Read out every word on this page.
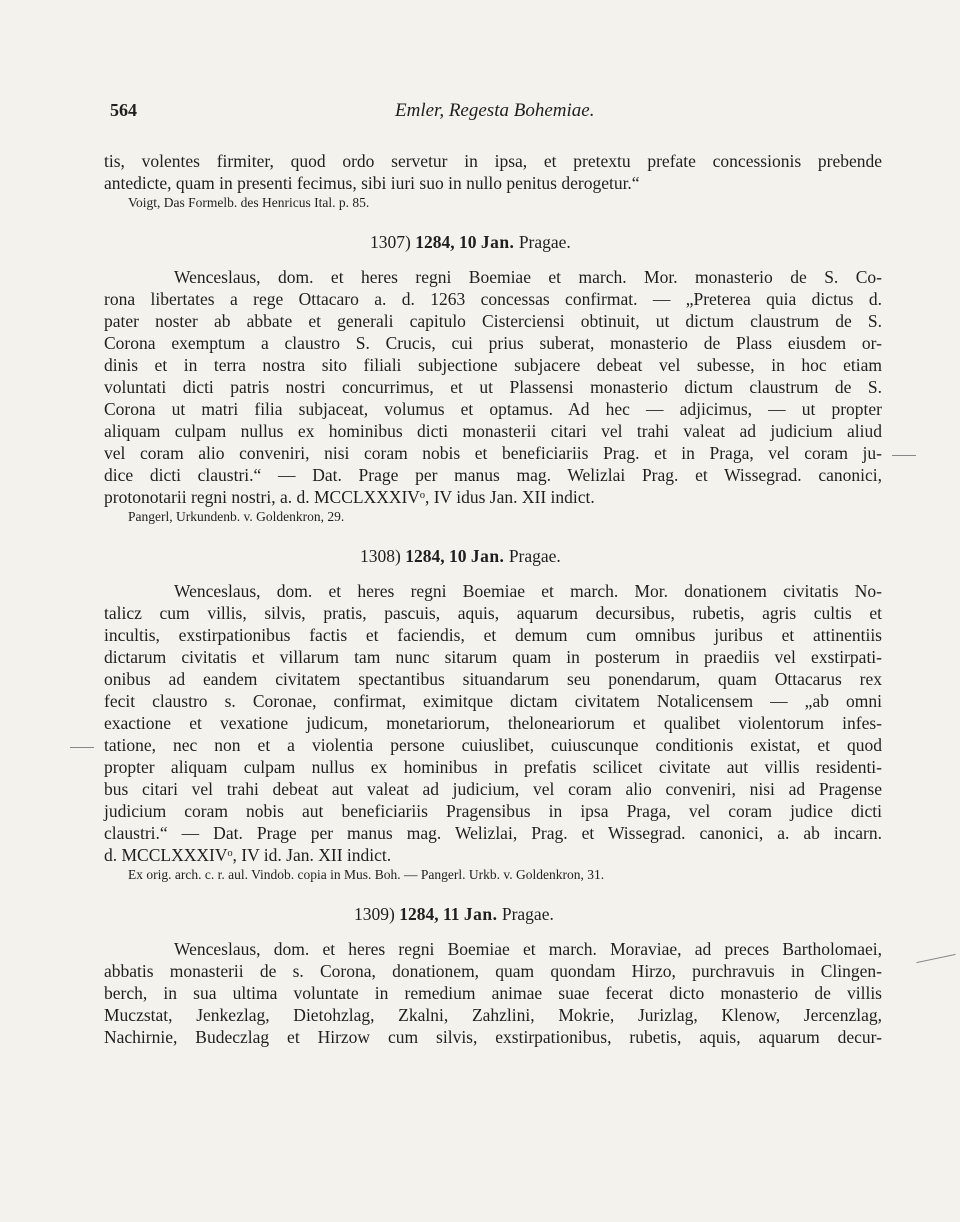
564	Emler, Regesta Bohemiae.
tis, volentes firmiter, quod ordo servetur in ipsa, et pretextu prefate concessionis prebende
antedicte, quam in presenti fecimus, sibi iuri suo in nullo penitus derogetur.“
Voigt, Das Formelb. des Henricus Ital. p. 85.
1307) 1284, 10 Jan. Pragae.
Wenceslaus, dom. et heres regni Boemiae et march. Mor. monasterio de S. Co-
rona libertates a rege Ottacaro a. d. 1263 concessas confirmat. — „Preterea quia dictus d.
pater noster ab abbate et generali capitulo Cisterciensi obtinuit, ut dictum claustrum de S.
Corona exemptum a claustro S. Crucis, cui prius suberat, monasterio de Plass eiusdem or-
dinis et in terra nostra sito filiali subjectione subjacere debeat vel subesse, in hoc etiam
voluntati dicti patris nostri concurrimus, et ut Plassensi monasterio dictum claustrum de S.
Corona ut matri filia subjaceat, volumus et optamus. Ad hec — adjicimus, — ut propter
aliquam culpam nullus ex hominibus dicti monasterii citari vel trahi valeat ad judicium aliud
vel coram alio conveniri, nisi coram nobis et beneficiariis Prag. et in Praga, vel coram ju-
dice dicti claustri.“ — Dat. Prage per manus mag. Welizlai Prag. et Wissegrad. canonici,
protonotarii regni nostri, a. d. MCCLXXXIVᵒ, IV idus Jan. XII indict.
Pangerl, Urkundenb. v. Goldenkron, 29.
1308) 1284, 10 Jan. Pragae.
Wenceslaus, dom. et heres regni Boemiae et march. Mor. donationem civitatis No-
talicz cum villis, silvis, pratis, pascuis, aquis, aquarum decursibus, rubetis, agris cultis et
incultis, exstirpationibus factis et faciendis, et demum cum omnibus juribus et attinentiis
dictarum civitatis et villarum tam nunc sitarum quam in posterum in praediis vel exstirpati-
onibus ad eandem civitatem spectantibus situandarum seu ponendarum, quam Ottacarus rex
fecit claustro s. Coronae, confirmat, eximitque dictam civitatem Notalicensem — „ab omni
exactione et vexatione judicum, monetariorum, theloneariorum et qualibet violentorum infes-
tatione, nec non et a violentia persone cuiuslibet, cuiuscunque conditionis existat, et quod
propter aliquam culpam nullus ex hominibus in prefatis scilicet civitate aut villis residenti-
bus citari vel trahi debeat aut valeat ad judicium, vel coram alio conveniri, nisi ad Pragense
judicium coram nobis aut beneficiariis Pragensibus in ipsa Praga, vel coram judice dicti
claustri.“ — Dat. Prage per manus mag. Welizlai, Prag. et Wissegrad. canonici, a. ab incarn.
d. MCCLXXXIVᵒ, IV id. Jan. XII indict.
Ex orig. arch. c. r. aul. Vindob. copia in Mus. Boh. — Pangerl. Urkb. v. Goldenkron, 31.
1309) 1284, 11 Jan. Pragae.
Wenceslaus, dom. et heres regni Boemiae et march. Moraviae, ad preces Bartholomaei,
abbatis monasterii de s. Corona, donationem, quam quondam Hirzo, purchravuis in Clingen-
berch, in sua ultima voluntate in remedium animae suae fecerat dicto monasterio de villis
Muczstat, Jenkezlag, Dietohzlag, Zkalni, Zahzlini, Mokrie, Jurizlag, Klenow, Jercenzlag,
Nachirnie, Budeczlag et Hirzow cum silvis, exstirpationibus, rubetis, aquis, aquarum decur-
